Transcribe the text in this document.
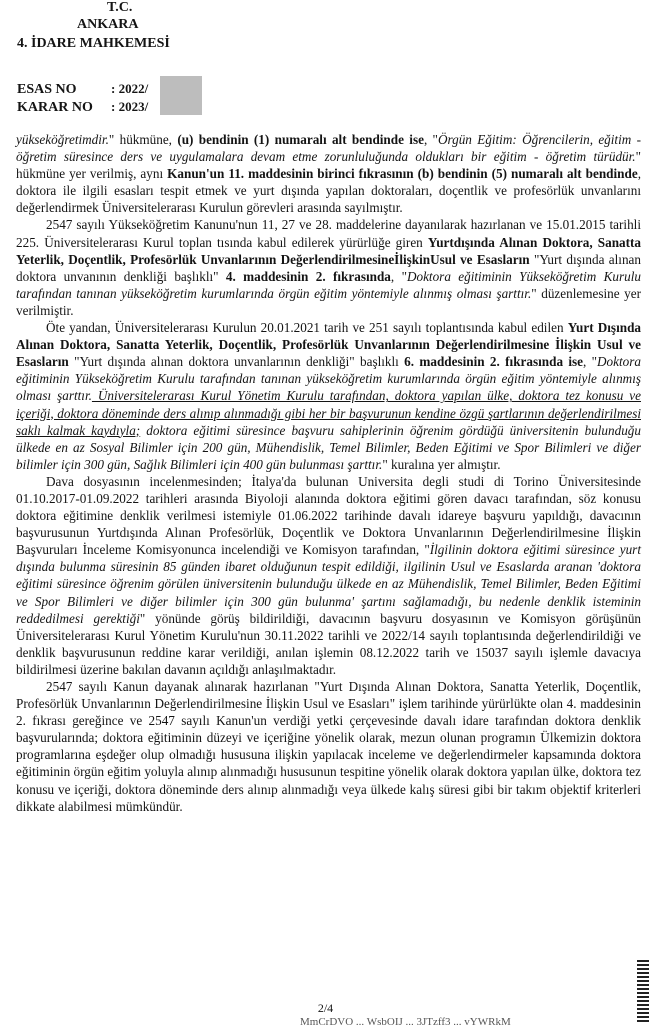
T.C.
ANKARA
4. İDARE MAHKEMESİ
ESAS NO	: 2022/
KARAR NO : 2023/

yükseköğretimdir." hükmüne, (u) bendinin (1) numaralı alt bendinde ise, "Örgün Eğitim: Öğrencilerin, eğitim - öğretim süresince ders ve uygulamalara devam etme zorunluluğunda oldukları bir eğitim - öğretim türüdür." hükmüne yer verilmiş, aynı Kanun'un 11. maddesinin birinci fıkrasının (b) bendinin (5) numaralı alt bendinde, doktora ile ilgili esasları tespit etmek ve yurt dışında yapılan doktoraları, doçentlik ve profesörlük unvanlarını değerlendirmek Üniversitelerarası Kurulun görevleri arasında sayılmıştır.

2547 sayılı Yükseköğretim Kanunu'nun 11, 27 ve 28. maddelerine dayanılarak hazırlanan ve 15.01.2015 tarihli 225. Üniversitelerarası Kurul toplan tısında kabul edilerek yürürlüğe giren Yurtdışında Alınan Doktora, Sanatta Yeterlik, Doçentlik, Profesörlük Unvanlarının DeğerlendirilmesineİlişkinUsul ve Esasların "Yurt dışında alınan doktora unvanının denkliği başlıklı" 4. maddesinin 2. fıkrasında, "Doktora eğitiminin Yükseköğretim Kurulu tarafından tanınan yükseköğretim kurumlarında örgün eğitim yöntemiyle alınmış olması şarttır." düzenlemesine yer verilmiştir.

Öte yandan, Üniversitelerarası Kurulun 20.01.2021 tarih ve 251 sayılı toplantısında kabul edilen Yurt Dışında Alınan Doktora, Sanatta Yeterlik, Doçentlik, Profesörlük Unvanlarının Değerlendirilmesine İlişkin Usul ve Esasların "Yurt dışında alınan doktora unvanlarının denkliği" başlıklı 6. maddesinin 2. fıkrasında ise, "Doktora eğitiminin Yükseköğretim Kurulu tarafından tanınan yükseköğretim kurumlarında örgün eğitim yöntemiyle alınmış olması şarttır. Üniversitelerarası Kurul Yönetim Kurulu tarafından, doktora yapılan ülke, doktora tez konusu ve içeriği, doktora döneminde ders alınıp alınmadığı gibi her bir başvurunun kendine özgü şartlarının değerlendirilmesi saklı kalmak kaydıyla; doktora eğitimi süresince başvuru sahiplerinin öğrenim gördüğü üniversitenin bulunduğu ülkede en az Sosyal Bilimler için 200 gün, Mühendislik, Temel Bilimler, Beden Eğitimi ve Spor Bilimleri ve diğer bilimler için 300 gün, Sağlık Bilimleri için 400 gün bulunması şarttır." kuralına yer almıştır.

Dava dosyasının incelenmesinden; İtalya'da bulunan Universita degli studi di Torino Üniversitesinde 01.10.2017-01.09.2022 tarihleri arasında Biyoloji alanında doktora eğitimi gören davacı tarafından, söz konusu doktora eğitimine denklik verilmesi istemiyle 01.06.2022 tarihinde davalı idareye başvuru yapıldığı, davacının başvurusunun Yurtdışında Alınan Profesörlük, Doçentlik ve Doktora Unvanlarının Değerlendirilmesine İlişkin Başvuruları İnceleme Komisyonunca incelendiği ve Komisyon tarafından, "İlgilinin doktora eğitimi süresince yurt dışında bulunma süresinin 85 günden ibaret olduğunun tespit edildiği, ilgilinin Usul ve Esaslarda aranan 'doktora eğitimi süresince öğrenim görülen üniversitenin bulunduğu ülkede en az Mühendislik, Temel Bilimler, Beden Eğitimi ve Spor Bilimleri ve diğer bilimler için 300 gün bulunma' şartını sağlamadığı, bu nedenle denklik isteminin reddedilmesi gerektiği" yönünde görüş bildirildiği, davacının başvuru dosyasının ve Komisyon görüşünün Üniversitelerarası Kurul Yönetim Kurulu'nun 30.11.2022 tarihli ve 2022/14 sayılı toplantısında değerlendirildiği ve denklik başvurusunun reddine karar verildiği, anılan işlemin 08.12.2022 tarih ve 15037 sayılı işlemle davacıya bildirilmesi üzerine bakılan davanın açıldığı anlaşılmaktadır.

2547 sayılı Kanun dayanak alınarak hazırlanan "Yurt Dışında Alınan Doktora, Sanatta Yeterlik, Doçentlik, Profesörlük Unvanlarının Değerlendirilmesine İlişkin Usul ve Esasları" işlem tarihinde yürürlükte olan 4. maddesinin 2. fıkrası gereğince ve 2547 sayılı Kanun'un verdiği yetki çerçevesinde davalı idare tarafından doktora denklik başvurularında; doktora eğitiminin düzeyi ve içeriğine yönelik olarak, mezun olunan programın Ülkemizin doktora programlarına eşdeğer olup olmadığı hususuna ilişkin yapılacak inceleme ve değerlendirmeler kapsamında doktora eğitiminin örgün eğitim yoluyla alınıp alınmadığı hususunun tespitine yönelik olarak doktora yapılan ülke, doktora tez konusu ve içeriği, doktora döneminde ders alınıp alınmadığı veya ülkede kalış süresi gibi bir takım objektif kriterleri dikkate alabilmesi mümkündür.

2/4
MmCrDVO ... WsbOIJ ... 3JTzff3 ... vYWRkM
